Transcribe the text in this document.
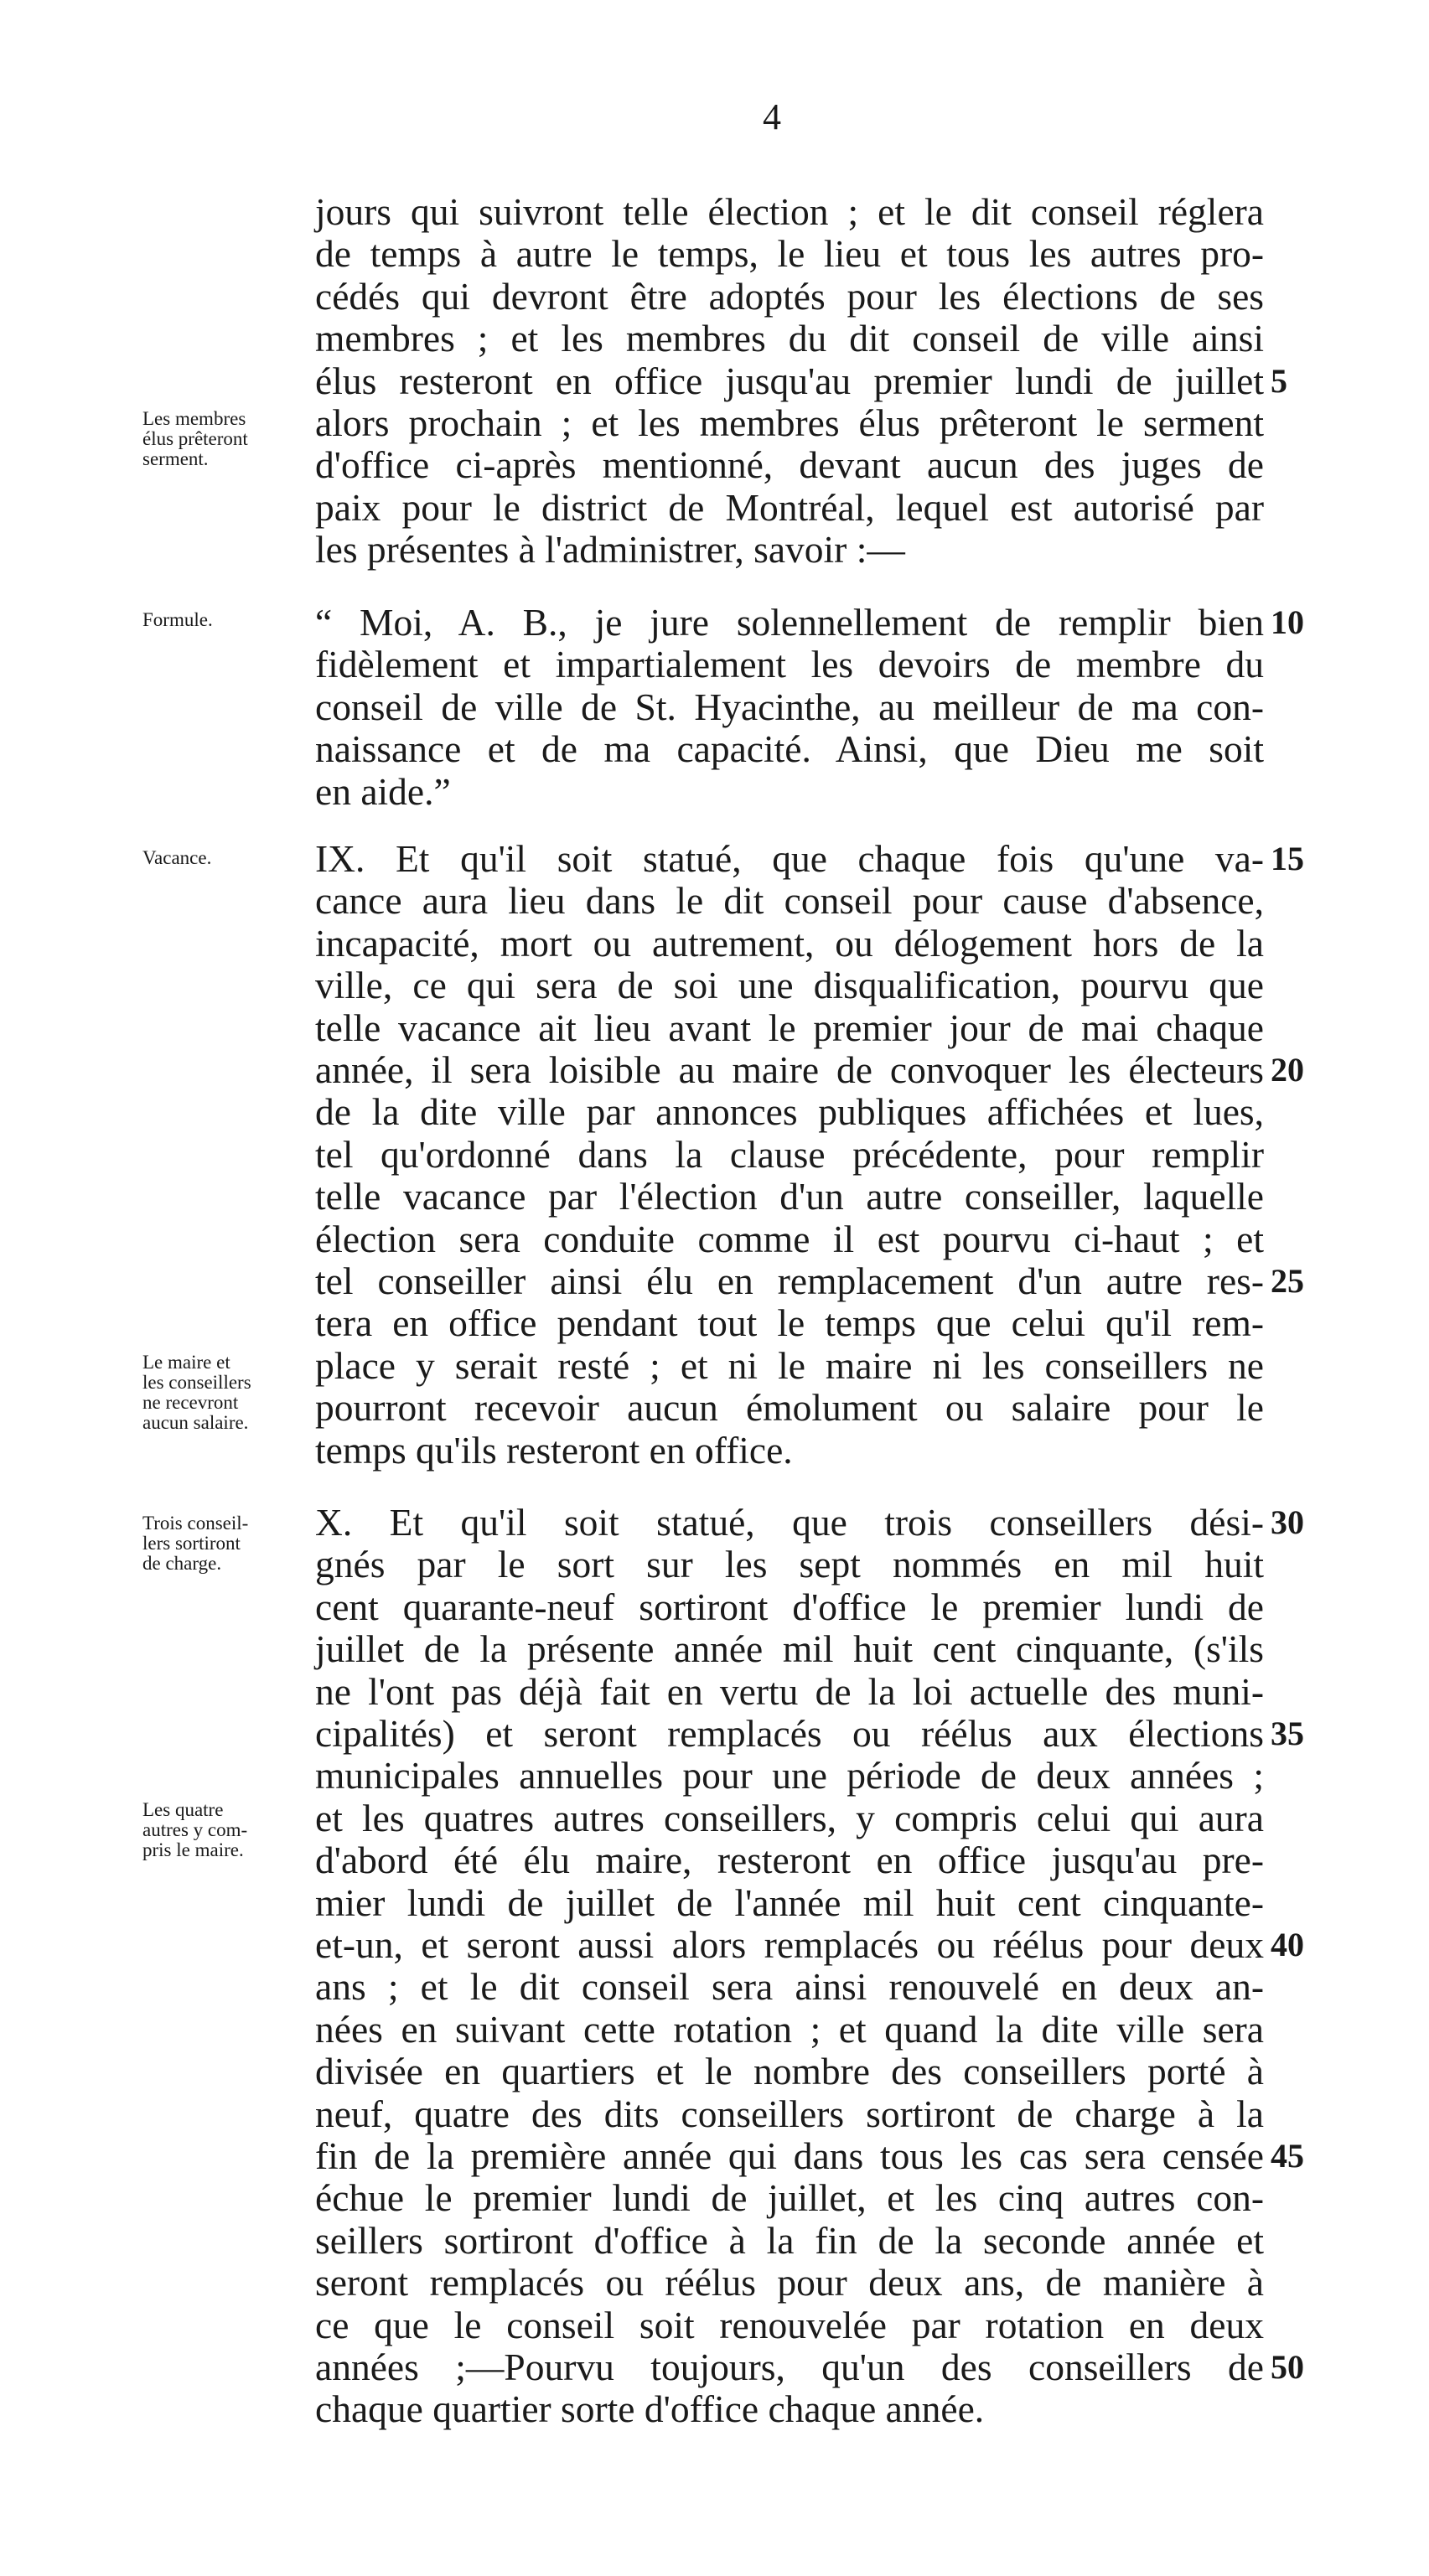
4
jours qui suivront telle élection ; et le dit conseil réglera
de temps à autre le temps, le lieu et tous les autres pro-
cédés qui devront être adoptés pour les élections de ses
membres ; et les membres du dit conseil de ville ainsi
élus resteront en office jusqu'au premier lundi de juillet
alors prochain ; et les membres élus prêteront le serment
d'office ci-après mentionné, devant aucun des juges de
paix pour le district de Montréal, lequel est autorisé par
les présentes à l'administrer, savoir :—
“ Moi, A. B., je jure solennellement de remplir bien
fidèlement et impartialement les devoirs de membre du
conseil de ville de St. Hyacinthe, au meilleur de ma con-
naissance et de ma capacité. Ainsi, que Dieu me soit
en aide.”
IX. Et qu'il soit statué, que chaque fois qu'une va-
cance aura lieu dans le dit conseil pour cause d'absence,
incapacité, mort ou autrement, ou délogement hors de la
ville, ce qui sera de soi une disqualification, pourvu que
telle vacance ait lieu avant le premier jour de mai chaque
année, il sera loisible au maire de convoquer les électeurs
de la dite ville par annonces publiques affichées et lues,
tel qu'ordonné dans la clause précédente, pour remplir
telle vacance par l'élection d'un autre conseiller, laquelle
élection sera conduite comme il est pourvu ci-haut ; et
tel conseiller ainsi élu en remplacement d'un autre res-
tera en office pendant tout le temps que celui qu'il rem-
place y serait resté ; et ni le maire ni les conseillers ne
pourront recevoir aucun émolument ou salaire pour le
temps qu'ils resteront en office.
X. Et qu'il soit statué, que trois conseillers dési-
gnés par le sort sur les sept nommés en mil huit
cent quarante-neuf sortiront d'office le premier lundi de
juillet de la présente année mil huit cent cinquante, (s'ils
ne l'ont pas déjà fait en vertu de la loi actuelle des muni-
cipalités) et seront remplacés ou réélus aux élections
municipales annuelles pour une période de deux années ;
et les quatres autres conseillers, y compris celui qui aura
d'abord été élu maire, resteront en office jusqu'au pre-
mier lundi de juillet de l'année mil huit cent cinquante-
et-un, et seront aussi alors remplacés ou réélus pour deux
ans ; et le dit conseil sera ainsi renouvelé en deux an-
nées en suivant cette rotation ; et quand la dite ville sera
divisée en quartiers et le nombre des conseillers porté à
neuf, quatre des dits conseillers sortiront de charge à la
fin de la première année qui dans tous les cas sera censée
échue le premier lundi de juillet, et les cinq autres con-
seillers sortiront d'office à la fin de la seconde année et
seront remplacés ou réélus pour deux ans, de manière à
ce que le conseil soit renouvelée par rotation en deux
années ;—Pourvu toujours, qu'un des conseillers de
chaque quartier sorte d'office chaque année.
5
10
15
20
25
30
35
40
45
50
Les membres
élus prêteront
serment.
Formule.
Vacance.
Le maire et
les conseillers
ne recevront
aucun salaire.
Trois conseil-
lers sortiront
de charge.
Les quatre
autres y com-
pris le maire.
